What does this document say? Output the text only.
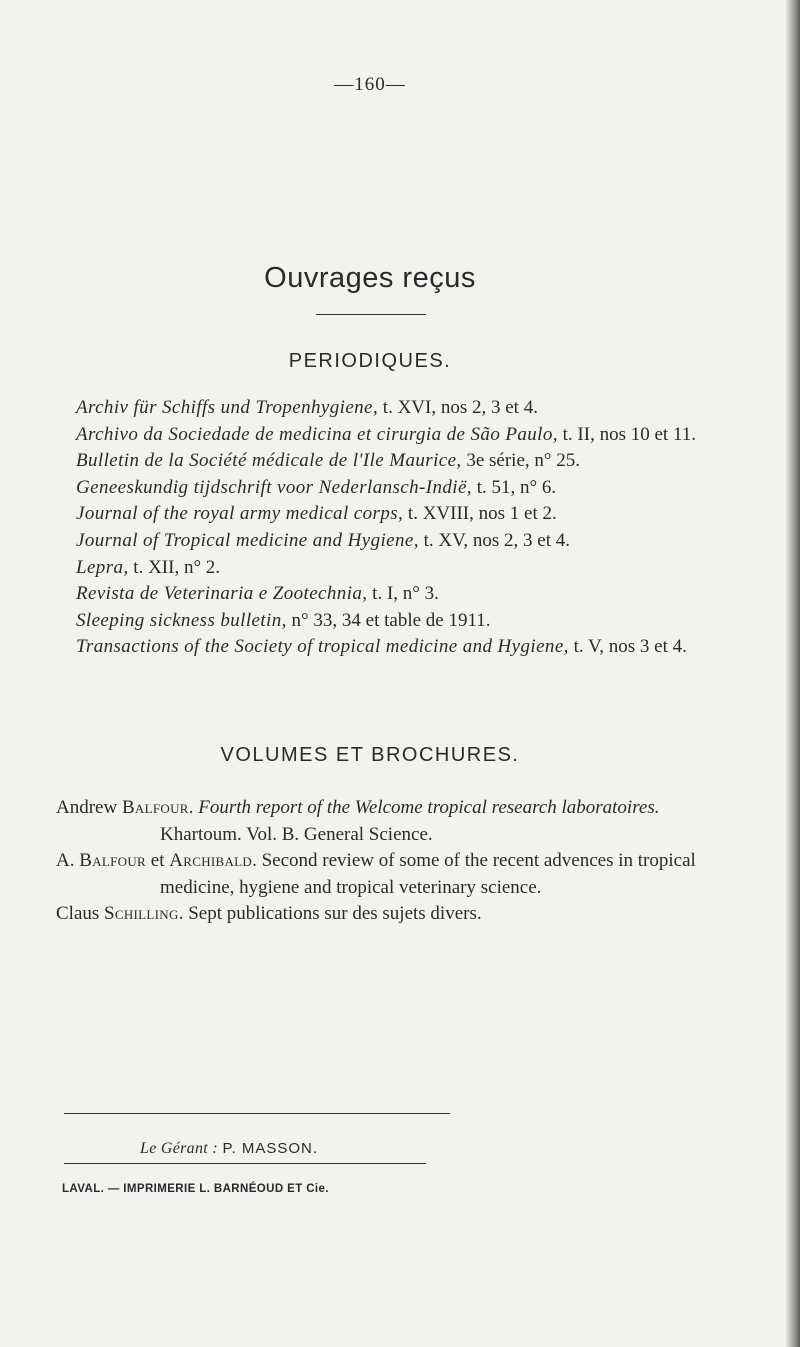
—160—
Ouvrages reçus
PERIODIQUES.
Archiv für Schiffs und Tropenhygiene, t. XVI, nos 2, 3 et 4.
Archivo da Sociedade de medicina et cirurgia de São Paulo, t. II, nos 10 et 11.
Bulletin de la Société médicale de l'Ile Maurice, 3e série, n° 25.
Geneeskundig tijdschrift voor Nederlansch-Indië, t. 51, n° 6.
Journal of the royal army medical corps, t. XVIII, nos 1 et 2.
Journal of Tropical medicine and Hygiene, t. XV, nos 2, 3 et 4.
Lepra, t. XII, n° 2.
Revista de Veterinaria e Zootechnia, t. I, n° 3.
Sleeping sickness bulletin, n° 33, 34 et table de 1911.
Transactions of the Society of tropical medicine and Hygiene, t. V, nos 3 et 4.
VOLUMES ET BROCHURES.
Andrew Balfour. Fourth report of the Welcome tropical research laboratoires. Khartoum. Vol. B. General Science.
A. Balfour et Archibald. Second review of some of the recent advences in tropical medicine, hygiene and tropical veterinary science.
Claus Schilling. Sept publications sur des sujets divers.
Le Gérant : P. MASSON.
LAVAL. — IMPRIMERIE L. BARNÉOUD ET Cie.
